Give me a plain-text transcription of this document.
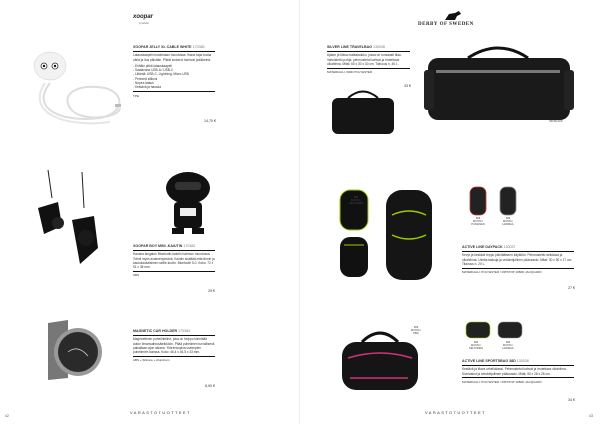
xoopar
by Addict
XOOPAR JELLY XL CABLE WHITE 170380
Latauskaapeli mustekalan muodossa. Ihana tapa tuoda väriä ja iloa päivään. Pitkät lonkerot toimivat pidikkeinä.
- Erittäin pitkä latauskaapeli
- Saatavana USB-A / USB-C
- Liitäntä: USB-C, Lightning, Micro-USB
- Pehmeä silikoni
- Nopea lataus
- Kestävä ja hauska
TPE
14,70 €
XOOPAR BOY MINI -KAIUTIN 170382
Hauska langaton Bluetooth-kaiutin hahmon muodossa. Toimii myös avaimenperänä. Kaiutin sisältää mikrofonin ja kaukolaukaisimen selfie-kuviin. Bluetooth 5.0. Koko: 72 x 51 x 38 mm.
ABS
29 €
MAGNETIC CAR HOLDER 170384
Magneettinen puhelinteline, joka on helppo kiinnittää auton ilmanvaihtosäleikköön. Pitää puhelimen turvallisesti paikallaan ajon aikana. Yhteensopiva useimpien puhelimien kanssa. Koko: 46,4 x 46,5 x 33 mm.
ABS + Silicone + Aluminum
8,90 €
VARASTOTUOTTEET
42
DERBY OF SWEDEN
SILVER LINE TRAVELBAG 130036
Ajaton ja tilava matkalaukku, jossa on runsaasti tilaa. Vahvistettu pohja, pehmustetut kahvat ja irrotettava olkahihna. Mitat: 60 x 30 x 30 cm. Tilavuus n. 45 L.
MATERIAALI: 600D POLYESTER
33 €
999 BLACK
999
MUSTA /
KELTAINEN
999
MUSTA /
PUNAINEN
999
MUSTA /
HARMAA
ACTIVE LINE DAYPACK 130037
Kevyt ja kestävä reppu päivittäiseen käyttöön. Pehmustettu selkäosa ja olkahihnat. Useita taskuja ja vetoketjullinen pääosasto. Mitat: 30 x 50 x 17 cm. Tilavuus n. 20 L.
MATERIAALI: POLYESTER / RIPSTOP 1680D JACQUARD
27 €
999
MUSTA /
PINK
999
MUSTA /
KELTAINEN
999
MUSTA /
HARMAA
ACTIVE LINE SPORTSBAG 38D 130038
Kestävä ja tilava urheilukassi. Pehmustetut kahvat ja irrotettava olkahihna. Sivutaskut ja vetoketjullinen pääosasto. Mitat: 50 x 28 x 28 cm.
MATERIAALI: POLYESTER / RIPSTOP 1680D JACQUARD
34 €
VARASTOTUOTTEET
43
